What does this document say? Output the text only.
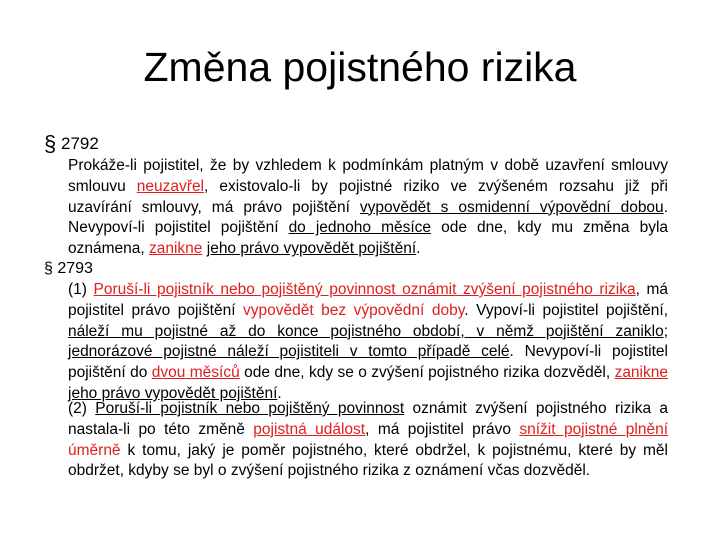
Změna pojistného rizika
§ 2792
Prokáže-li pojistitel, že by vzhledem k podmínkám platným v době uzavření smlouvy smlouvu neuzavřel, existovalo-li by pojistné riziko ve zvýšeném rozsahu již při uzavírání smlouvy, má právo pojištění vypovědět s osmidenní výpovědní dobou. Nevypoví-li pojistitel pojištění do jednoho měsíce ode dne, kdy mu změna byla oznámena, zanikne jeho právo vypovědět pojištění.
§ 2793
(1) Poruší-li pojistník nebo pojištěný povinnost oznámit zvýšení pojistného rizika, má pojistitel právo pojištění vypovědět bez výpovědní doby. Vypoví-li pojistitel pojištění, náleží mu pojistné až do konce pojistného období, v němž pojištění zaniklo; jednorázové pojistné náleží pojistiteli v tomto případě celé. Nevypoví-li pojistitel pojištění do dvou měsíců ode dne, kdy se o zvýšení pojistného rizika dozvěděl, zanikne jeho právo vypovědět pojištění.
(2) Poruší-li pojistník nebo pojištěný povinnost oznámit zvýšení pojistného rizika a nastala-li po této změně pojistná událost, má pojistitel právo snížit pojistné plnění úměrně k tomu, jaký je poměr pojistného, které obdržel, k pojistnému, které by měl obdržet, kdyby se byl o zvýšení pojistného rizika z oznámení včas dozvěděl.
